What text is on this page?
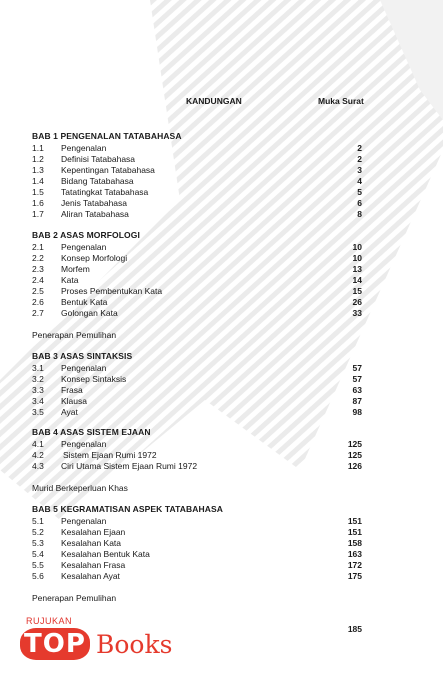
KANDUNGAN	Muka Surat
BAB 1 PENGENALAN TATABAHASA
1.1 Pengenalan	2
1.2 Definisi Tatabahasa	2
1.3 Kepentingan Tatabahasa	3
1.4 Bidang Tatabahasa	4
1.5 Tatatingkat Tatabahasa	5
1.6 Jenis Tatabahasa	6
1.7 Aliran Tatabahasa	8
BAB 2 ASAS MORFOLOGI
2.1 Pengenalan	10
2.2 Konsep Morfologi	10
2.3 Morfem	13
2.4 Kata	14
2.5 Proses Pembentukan Kata	15
2.6 Bentuk Kata	26
2.7 Golongan Kata	33
Penerapan Pemulihan
BAB 3 ASAS SINTAKSIS
3.1 Pengenalan	57
3.2 Konsep Sintaksis	57
3.3 Frasa	63
3.4 Klausa	87
3.5 Ayat	98
BAB 4 ASAS SISTEM EJAAN
4.1 Pengenalan	125
4.2 Sistem Ejaan Rumi 1972	125
4.3 Ciri Utama Sistem Ejaan Rumi 1972	126
Murid Berkeperluan Khas
BAB 5 KEGRAMATISAN ASPEK TATABAHASA
5.1 Pengenalan	151
5.2 Kesalahan Ejaan	151
5.3 Kesalahan Kata	158
5.4 Kesalahan Bentuk Kata	163
5.5 Kesalahan Frasa	172
5.6 Kesalahan Ayat	175
Penerapan Pemulihan
185
RUJUKAN
TOP Books
